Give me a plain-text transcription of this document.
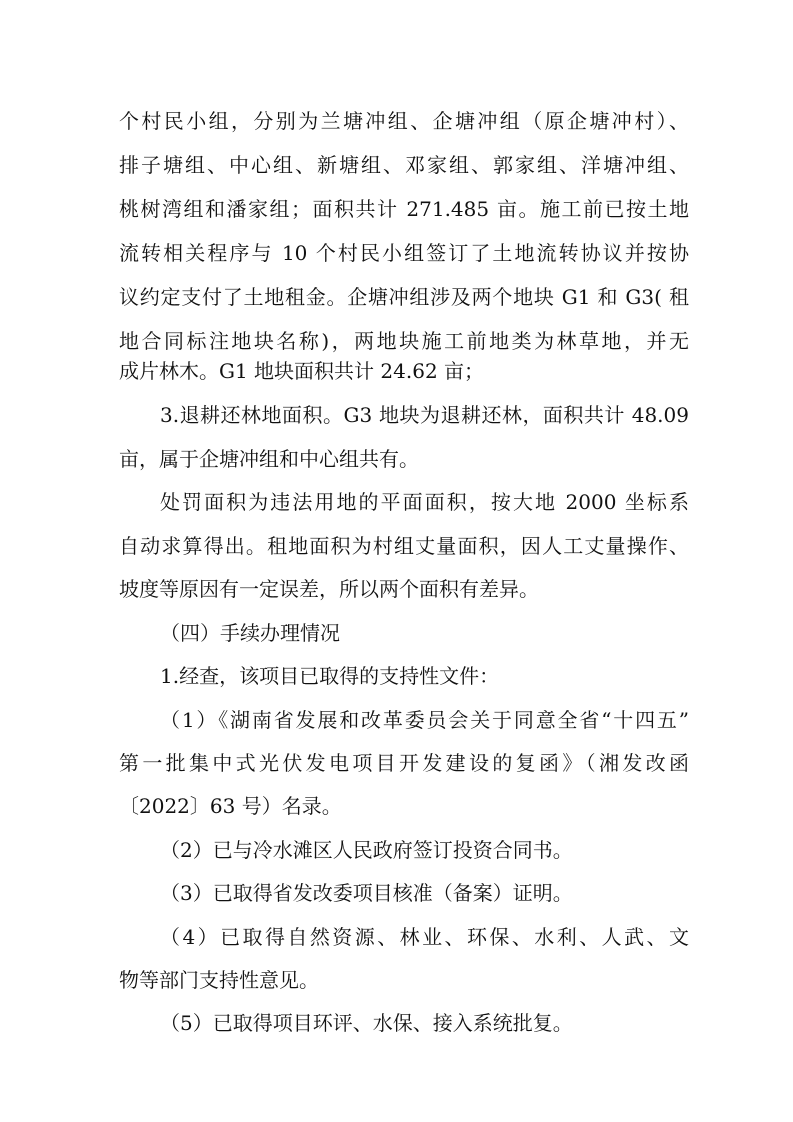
个村民小组，分别为兰塘冲组、企塘冲组（原企塘冲村）、
排子塘组、中心组、新塘组、邓家组、郭家组、洋塘冲组、
桃树湾组和潘家组；面积共计 271.485 亩。施工前已按土地
流转相关程序与 10 个村民小组签订了土地流转协议并按协
议约定支付了土地租金。企塘冲组涉及两个地块 G1 和 G3( 租
地合同标注地块名称)，两地块施工前地类为林草地，并无
成片林木。G1 地块面积共计 24.62 亩；
3.退耕还林地面积。G3 地块为退耕还林，面积共计 48.09
亩，属于企塘冲组和中心组共有。
处罚面积为违法用地的平面面积，按大地 2000 坐标系
自动求算得出。租地面积为村组丈量面积，因人工丈量操作、
坡度等原因有一定误差，所以两个面积有差异。
（四）手续办理情况
1.经查，该项目已取得的支持性文件：
（1）《湖南省发展和改革委员会关于同意全省“十四五”
第一批集中式光伏发电项目开发建设的复函》（湘发改函
〔2022〕63 号）名录。
（2）已与冷水滩区人民政府签订投资合同书。
（3）已取得省发改委项目核准（备案）证明。
（4）已取得自然资源、林业、环保、水利、人武、文
物等部门支持性意见。
（5）已取得项目环评、水保、接入系统批复。
